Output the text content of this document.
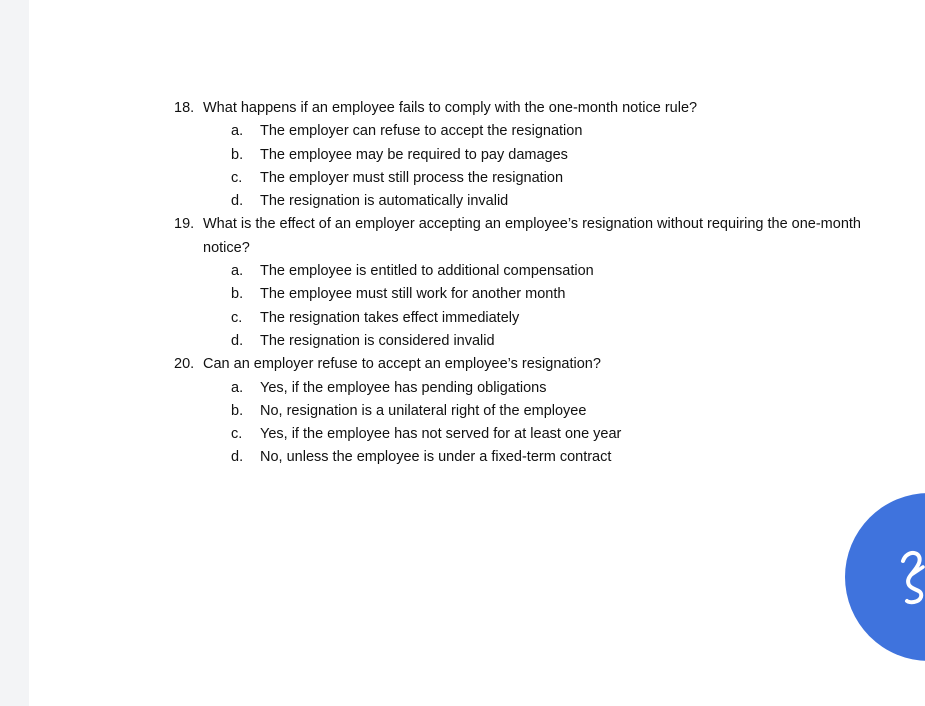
18. What happens if an employee fails to comply with the one-month notice rule?

a.	The employer can refuse to accept the resignation
b.	The employee may be required to pay damages
c.	The employer must still process the resignation
d.	The resignation is automatically invalid

19. What is the effect of an employer accepting an employee’s resignation without requiring the one-month notice?

a.	The employee is entitled to additional compensation
b.	The employee must still work for another month
c.	The resignation takes effect immediately
d.	The resignation is considered invalid

20. Can an employer refuse to accept an employee’s resignation?

a.	Yes, if the employee has pending obligations
b.	No, resignation is a unilateral right of the employee
c.	Yes, if the employee has not served for at least one year
d.	No, unless the employee is under a fixed-term contract
